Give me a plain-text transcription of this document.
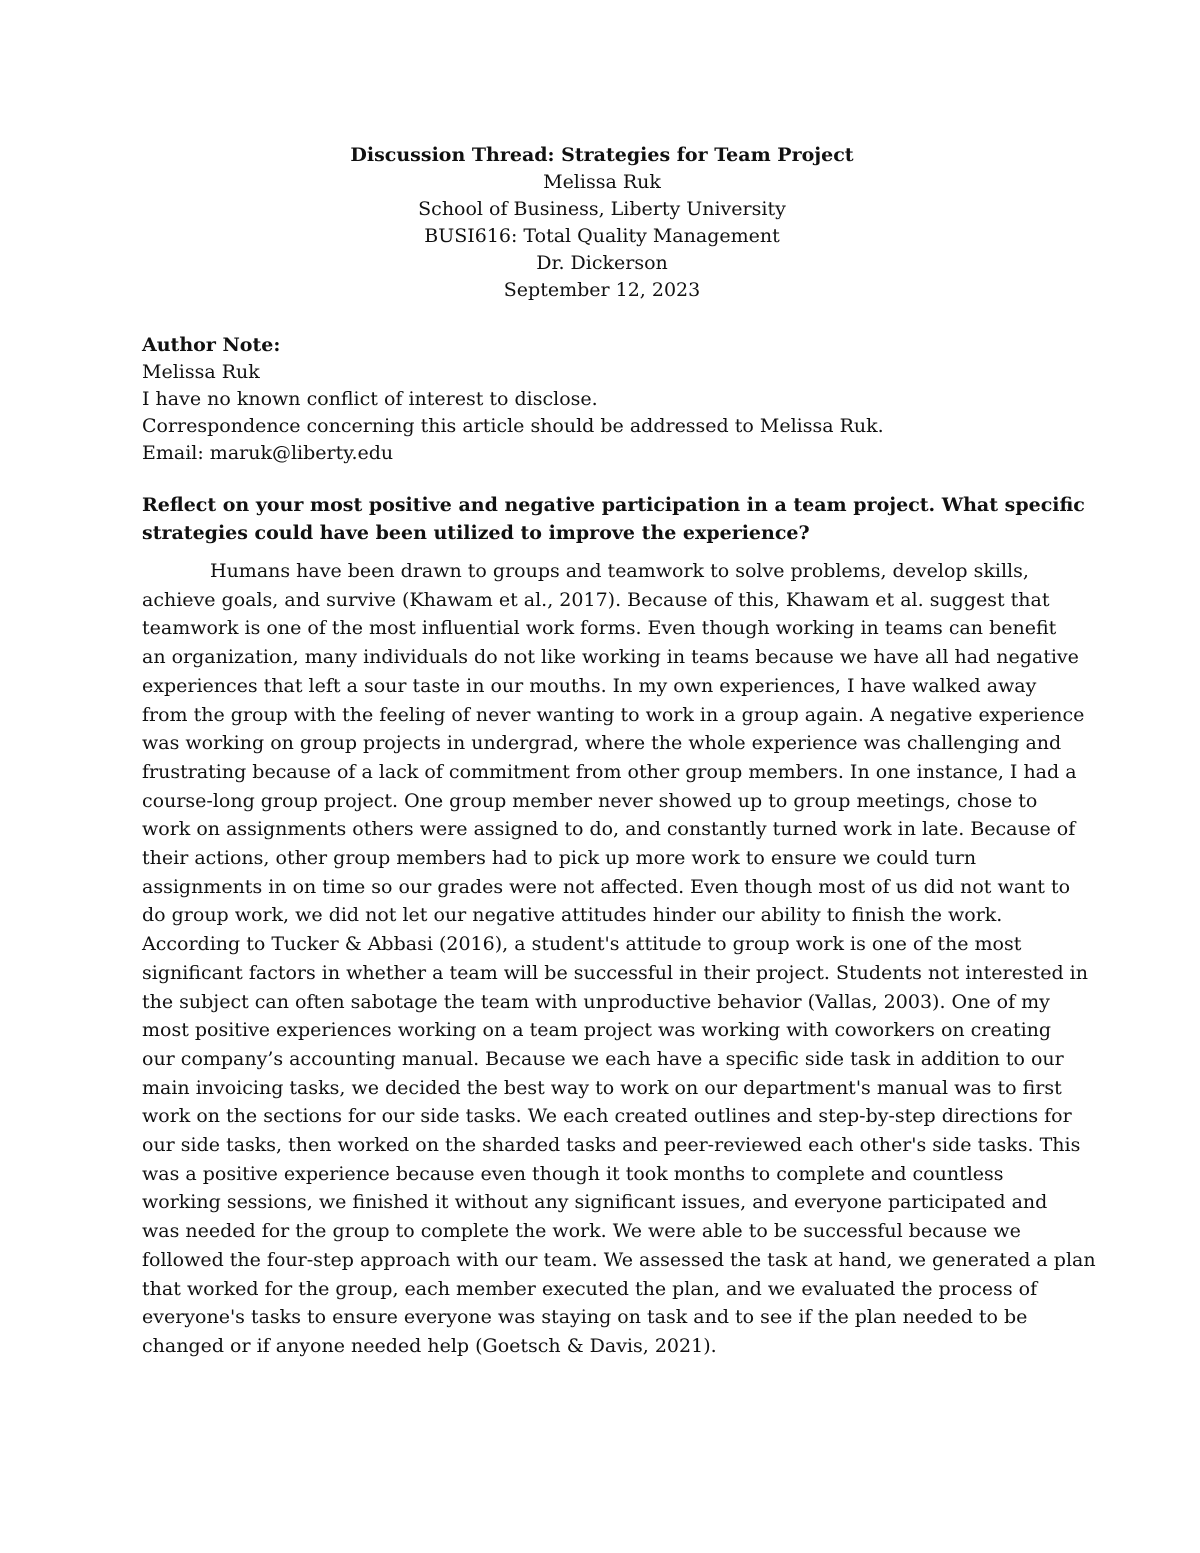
Discussion Thread: Strategies for Team Project
Melissa Ruk
School of Business, Liberty University
BUSI616: Total Quality Management
Dr. Dickerson
September 12, 2023
Author Note:
Melissa Ruk
I have no known conflict of interest to disclose.
Correspondence concerning this article should be addressed to Melissa Ruk.
Email: maruk@liberty.edu
Reflect on your most positive and negative participation in a team project. What specific
strategies could have been utilized to improve the experience?
Humans have been drawn to groups and teamwork to solve problems, develop skills,
achieve goals, and survive (Khawam et al., 2017). Because of this, Khawam et al. suggest that
teamwork is one of the most influential work forms. Even though working in teams can benefit
an organization, many individuals do not like working in teams because we have all had negative
experiences that left a sour taste in our mouths. In my own experiences, I have walked away
from the group with the feeling of never wanting to work in a group again. A negative experience
was working on group projects in undergrad, where the whole experience was challenging and
frustrating because of a lack of commitment from other group members. In one instance, I had a
course-long group project. One group member never showed up to group meetings, chose to
work on assignments others were assigned to do, and constantly turned work in late. Because of
their actions, other group members had to pick up more work to ensure we could turn
assignments in on time so our grades were not affected. Even though most of us did not want to
do group work, we did not let our negative attitudes hinder our ability to finish the work.
According to Tucker & Abbasi (2016), a student's attitude to group work is one of the most
significant factors in whether a team will be successful in their project. Students not interested in
the subject can often sabotage the team with unproductive behavior (Vallas, 2003). One of my
most positive experiences working on a team project was working with coworkers on creating
our company’s accounting manual. Because we each have a specific side task in addition to our
main invoicing tasks, we decided the best way to work on our department's manual was to first
work on the sections for our side tasks. We each created outlines and step-by-step directions for
our side tasks, then worked on the sharded tasks and peer-reviewed each other's side tasks. This
was a positive experience because even though it took months to complete and countless
working sessions, we finished it without any significant issues, and everyone participated and
was needed for the group to complete the work. We were able to be successful because we
followed the four-step approach with our team. We assessed the task at hand, we generated a plan
that worked for the group, each member executed the plan, and we evaluated the process of
everyone's tasks to ensure everyone was staying on task and to see if the plan needed to be
changed or if anyone needed help (Goetsch & Davis, 2021).
